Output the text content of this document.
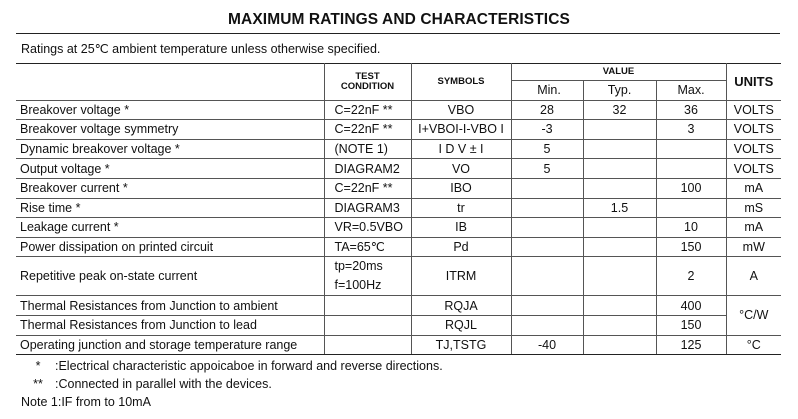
MAXIMUM RATINGS AND CHARACTERISTICS
Ratings at 25℃ ambient temperature unless otherwise specified.
	TEST
CONDITION	SYMBOLS	VALUE			UNITS
			Min.	Typ.	Max.	
Breakover voltage *	C=22nF **	VBO	28	32	36	VOLTS
Breakover voltage symmetry	C=22nF **	I+VBOI-I-VBO I	-3		3	VOLTS
Dynamic breakover voltage *	(NOTE 1)	I D V ± I	5			VOLTS
Output voltage *	DIAGRAM2	VO	5			VOLTS
Breakover current *	C=22nF **	IBO			100	mA
Rise time *	DIAGRAM3	tr		1.5		mS
Leakage current *	VR=0.5VBO	IB			10	mA
Power dissipation on printed circuit	TA=65℃	Pd			150	mW
Repetitive peak on-state current	tp=20ms
f=100Hz	ITRM			2	A
Thermal Resistances from Junction to ambient		RQJA			400	°C/W
Thermal Resistances from Junction to lead		RQJL			150	
Operating junction and storage temperature range		TJ,TSTG	-40		125	°C
* :Electrical characteristic appoicaboe in forward and reverse directions.
** :Connected in parallel with the devices.
Note 1:IF from to 10mA
